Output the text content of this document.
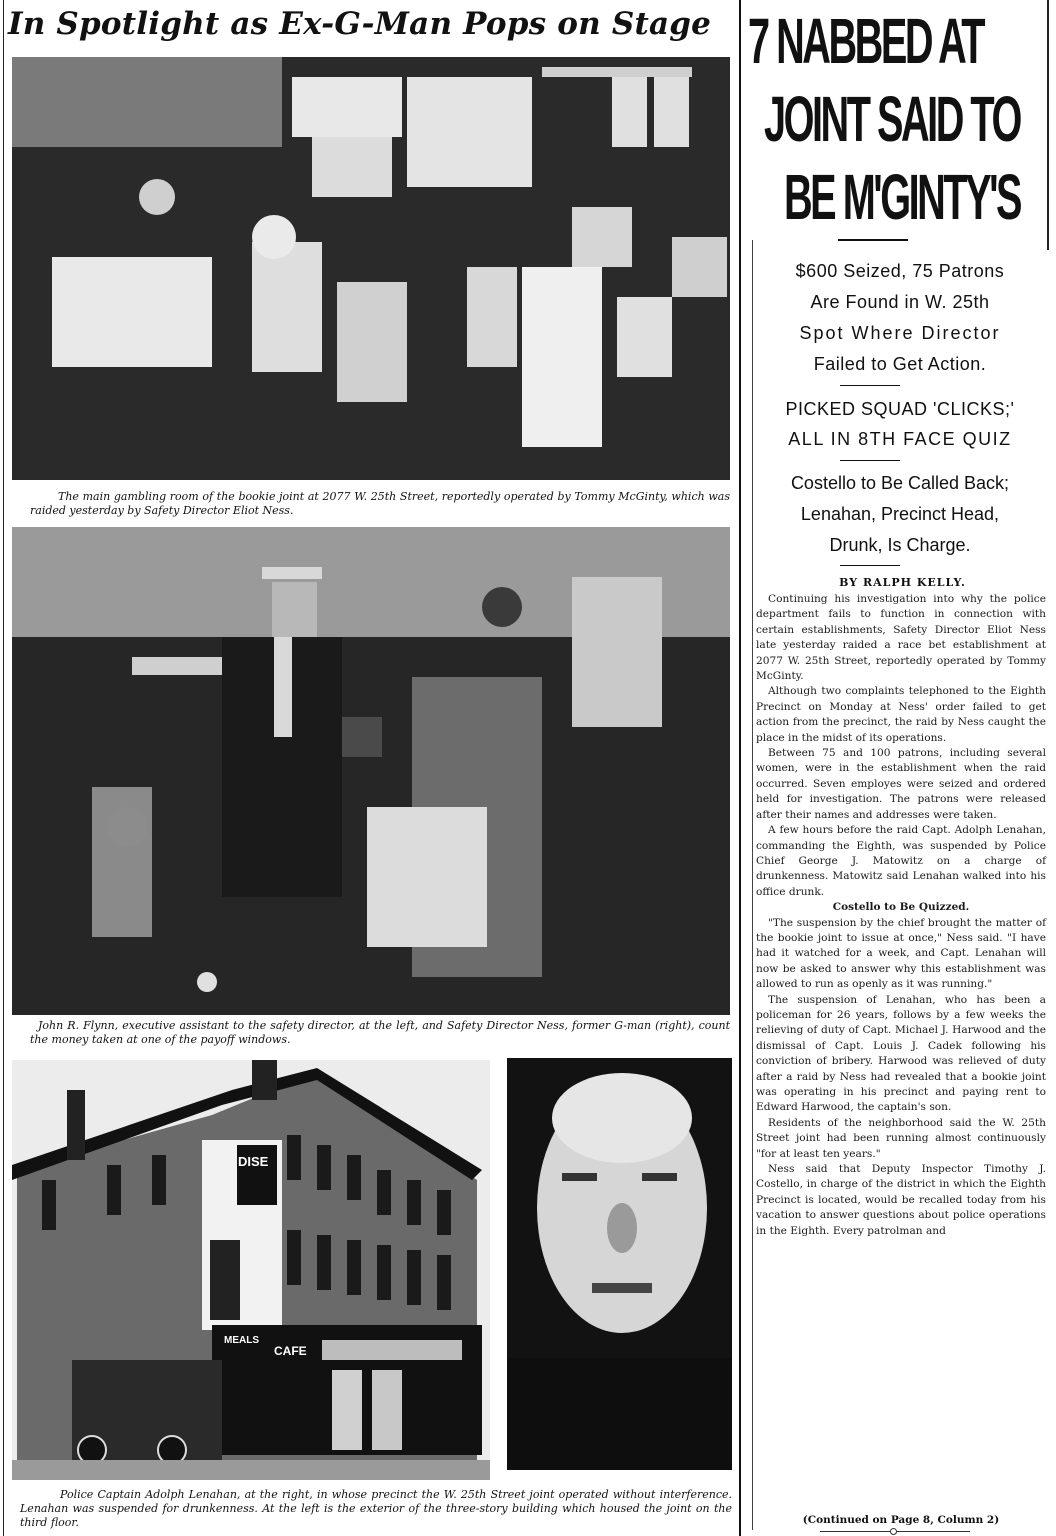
In Spotlight as Ex-G-Man Pops on Stage
The main gambling room of the bookie joint at 2077 W. 25th Street, reportedly operated by Tommy McGinty, which was raided yesterday by Safety Director Eliot Ness.
John R. Flynn, executive assistant to the safety director, at the left, and Safety Director Ness, former G-man (right), count the money taken at one of the payoff windows.
DISE
MEALS
CAFE
Police Captain Adolph Lenahan, at the right, in whose precinct the W. 25th Street joint operated without interference. Lenahan was suspended for drunkenness. At the left is the exterior of the three-story building which housed the joint on the third floor.
7 NABBED AT
JOINT SAID TO
BE M'GINTY'S
$600 Seized, 75 Patrons
Are Found in W. 25th
Spot Where Director
Failed to Get Action.
PICKED SQUAD 'CLICKS;'
ALL IN 8TH FACE QUIZ
Costello to Be Called Back;
Lenahan, Precinct Head,
Drunk, Is Charge.
BY RALPH KELLY.

Continuing his investigation into why the police department fails to function in connection with certain establishments, Safety Director Eliot Ness late yesterday raided a race bet establishment at 2077 W. 25th Street, reportedly operated by Tommy McGinty.

Although two complaints telephoned to the Eighth Precinct on Monday at Ness' order failed to get action from the precinct, the raid by Ness caught the place in the midst of its operations.

Between 75 and 100 patrons, including several women, were in the establishment when the raid occurred. Seven employes were seized and ordered held for investigation. The patrons were released after their names and addresses were taken.

A few hours before the raid Capt. Adolph Lenahan, commanding the Eighth, was suspended by Police Chief George J. Matowitz on a charge of drunkenness. Matowitz said Lenahan walked into his office drunk.

Costello to Be Quizzed.

"The suspension by the chief brought the matter of the bookie joint to issue at once," Ness said. "I have had it watched for a week, and Capt. Lenahan will now be asked to answer why this establishment was allowed to run as openly as it was running."

The suspension of Lenahan, who has been a policeman for 26 years, follows by a few weeks the relieving of duty of Capt. Michael J. Harwood and the dismissal of Capt. Louis J. Cadek following his conviction of bribery. Harwood was relieved of duty after a raid by Ness had revealed that a bookie joint was operating in his precinct and paying rent to Edward Harwood, the captain's son.

Residents of the neighborhood said the W. 25th Street joint had been running almost continuously "for at least ten years."

Ness said that Deputy Inspector Timothy J. Costello, in charge of the district in which the Eighth Precinct is located, would be recalled today from his vacation to answer questions about police operations in the Eighth. Every patrolman and

(Continued on Page 8, Column 2)
